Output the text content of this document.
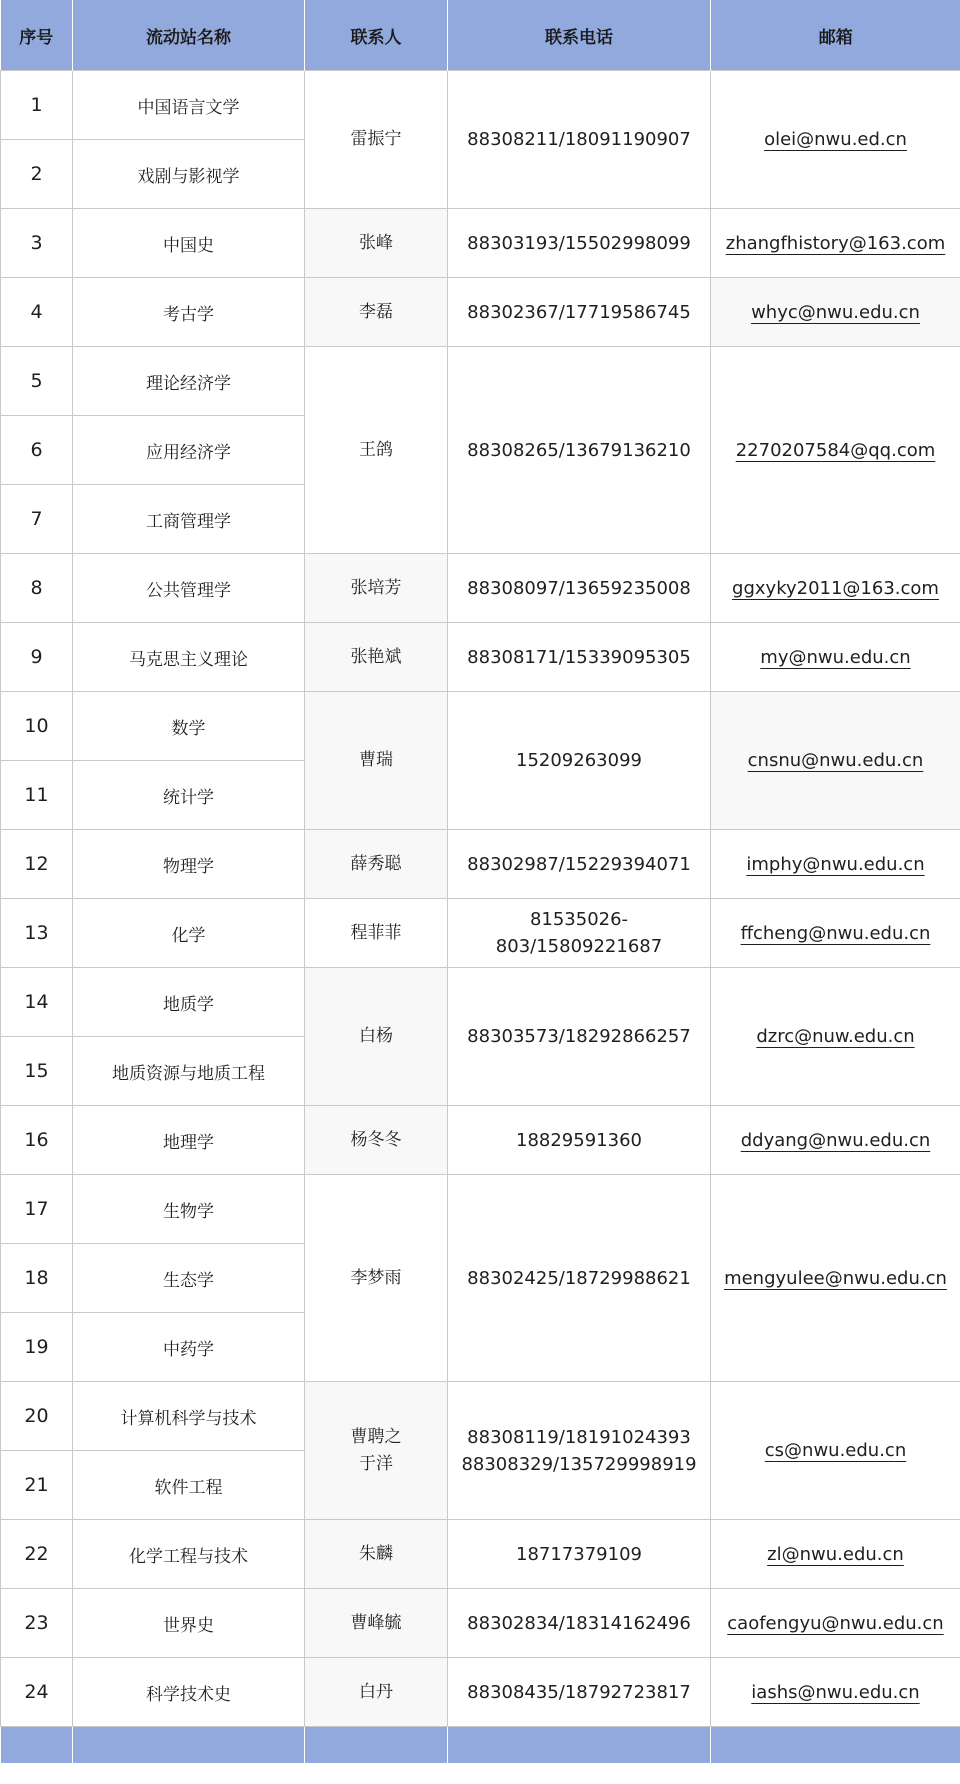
序号	流动站名称	联系人	联系电话	邮箱
1	中国语言文学	雷振宁	88308211/18091190907	olei@nwu.ed.cn
2	戏剧与影视学			
3	中国史	张峰	88303193/15502998099	zhangfhistory@163.com
4	考古学	李磊	88302367/17719586745	whyc@nwu.edu.cn
5	理论经济学	王鸽	88308265/13679136210	2270207584@qq.com
6	应用经济学			
7	工商管理学			
8	公共管理学	张培芳	88308097/13659235008	ggxyky2011@163.com
9	马克思主义理论	张艳斌	88308171/15339095305	my@nwu.edu.cn
10	数学	曹瑞	15209263099	cnsnu@nwu.edu.cn
11	统计学			
12	物理学	薛秀聪	88302987/15229394071	imphy@nwu.edu.cn
13	化学	程菲菲	81535026-
803/15809221687	ffcheng@nwu.edu.cn
14	地质学	白杨	88303573/18292866257	dzrc@nuw.edu.cn
15	地质资源与地质工程			
16	地理学	杨冬冬	18829591360	ddyang@nwu.edu.cn
17	生物学	李梦雨	88302425/18729988621	mengyulee@nwu.edu.cn
18	生态学			
19	中药学			
20	计算机科学与技术	曹聘之
于洋	88308119/18191024393
88308329/135729998919	cs@nwu.edu.cn
21	软件工程			
22	化学工程与技术	朱麟	18717379109	zl@nwu.edu.cn
23	世界史	曹峰毓	88302834/18314162496	caofengyu@nwu.edu.cn
24	科学技术史	白丹	88308435/18792723817	iashs@nwu.edu.cn
